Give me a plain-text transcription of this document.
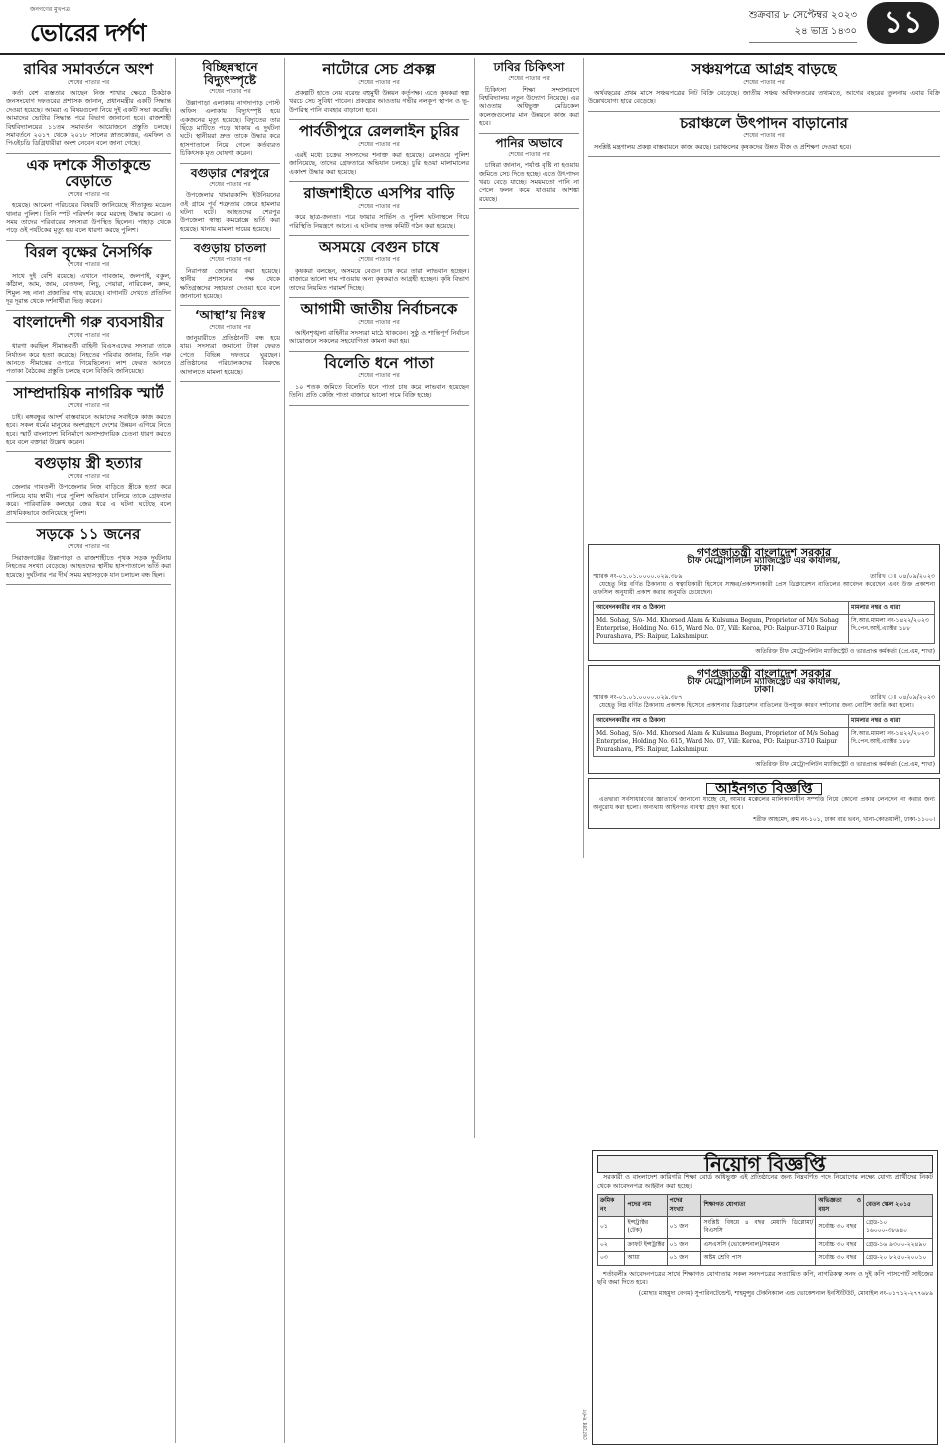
জনগণের মুখপত্র
ভোরের দর্পণ
শুক্রবার ৮ সেপ্টেম্বর ২০২৩
২৪ ভাদ্র ১৪৩০ ১১
রাবির সমাবর্তনে অংশ
শেষের পাতার পর

কর্তা বেশ ব্যস্ততার আছেন নিজ শাখার ক্ষেত্রে ঠিকঠাক জনসংযোগ দফতরের প্রশাসক জানান, প্রধানমন্ত্রীর একটি সিদ্ধান্ত দেওয়া হয়েছে। আমরা এ বিষয়গুলো নিয়ে দুই একটি সভা করেছি। আমাদের ভোটার সিদ্ধান্ত পরে বিভাগ জানানো হবে। রাজশাহী বিশ্ববিদ্যালয়ের ১১তম সমাবর্তন আয়োজনে প্রস্তুতি চলছে। সমাবর্তনে ২০১৭ থেকে ২০১৮ সালের স্নাতকোত্তর, এমফিল ও পিএইচডি ডিগ্রিধারীরা অংশ নেবেন বলে জানা গেছে।

এক দশকে সীতাকুন্ডে বেড়াতে
শেষের পাতার পর

হয়েছে। আমেনা পরিচয়ের বিষয়টি জানিয়েছে সীতাকুন্ড মডেল থানার পুলিশ। তিনি স্পট পরিদর্শন করে মরদেহ উদ্ধার করেন। এ সময় তাদের পরিবারের সদস্যরা উপস্থিত ছিলেন। পাহাড় থেকে পড়ে ওই পর্যটকের মৃত্যু হয় বলে ধারণা করছে পুলিশ।

বিরল বৃক্ষের নৈসর্গিক
শেষের পাতার পর

সাথে দুই বেশি রয়েছে। এখানে গাবজাম, জলপাই, বকুল, কাঁঠাল, আম, জাম, বেতফল, লিচু, পেয়ারা, নারিকেল, কদম, শিমুল সহ নানা প্রজাতির গাছ রয়েছে। বাগানটি দেখতে প্রতিদিন দূর দূরান্ত থেকে দর্শনার্থীরা ভিড় করেন।

বাংলাদেশী গরু ব্যবসায়ীর
শেষের পাতার পর

ধারণা করছিল সীমান্তবর্তী বাহিনী বিএসএফের সদস্যরা তাকে নির্যাতন করে হত্যা করেছে। নিহতের পরিবার জানায়, তিনি গরু আনতে সীমান্তের ওপারে গিয়েছিলেন। লাশ ফেরত আনতে পতাকা বৈঠকের প্রস্তুতি চলছে বলে বিজিবি জানিয়েছে।

সাম্প্রদায়িক নাগরিক স্মার্ট
শেষের পাতার পর

চাই। ৰঙ্গবন্ধুর আদর্শ বাস্তবায়নে আমাদের সবাইকে কাজ করতে হবে। সকল ধর্মের মানুষের অংশগ্রহণে দেশের উন্নয়ন এগিয়ে নিতে হবে। স্মার্ট বাংলাদেশ বিনির্মাণে অসাম্প্রদায়িক চেতনা ধারণ করতে হবে বলে বক্তারা উল্লেখ করেন।

বগুড়ায় স্ত্রী হত্যার
শেষের পাতার পর

জেলার গাবতলী উপজেলার নিজ বাড়িতে স্ত্রীকে হত্যা করে পালিয়ে যায় স্বামী। পরে পুলিশ অভিযান চালিয়ে তাকে গ্রেফতার করে। পারিবারিক কলহের জের ধরে এ ঘটনা ঘটেছে বলে প্রাথমিকভাবে জানিয়েছে পুলিশ।

সড়কে ১১ জনের
শেষের পাতার পর

সিরাজগঞ্জের উল্লাপাড়া ও রাজশাহীতে পৃথক সড়ক দুর্ঘটনায় নিহতের সংখ্যা বেড়েছে। আহতদের স্থানীয় হাসপাতালে ভর্তি করা হয়েছে। দুর্ঘটনার পর দীর্ঘ সময় মহাসড়কে যান চলাচল বন্ধ ছিল।

বিচ্ছিন্নস্থানে বিদ্যুৎস্পৃষ্টে
শেষের পাতার পর

উল্লাপাড়া এলাকায় নাগদাপাড় পোস্ট অফিস এলাকায় বিদ্যুৎস্পৃষ্ট হয়ে একজনের মৃত্যু হয়েছে। বিদ্যুতের তার ছিঁড়ে মাটিতে পড়ে থাকায় এ দুর্ঘটনা ঘটে। স্থানীয়রা দ্রুত তাকে উদ্ধার করে হাসপাতালে নিয়ে গেলে কর্তব্যরত চিকিৎসক মৃত ঘোষণা করেন।

বগুড়ার শেরপুরে
শেষের পাতার পর

উপজেলার খামারকান্দি ইউনিয়নের ওই গ্রামে পূর্ব শত্রুতার জেরে হামলার ঘটনা ঘটে। আহতদের শেরপুর উপজেলা স্বাস্থ্য কমপ্লেক্সে ভর্তি করা হয়েছে। থানায় মামলা দায়ের হয়েছে।

বগুড়ায় চাতলা
শেষের পাতার পর

নিরাপত্তা জোরদার করা হয়েছে। স্থানীয় প্রশাসনের পক্ষ থেকে ক্ষতিগ্রস্তদের সহায়তা দেওয়া হবে বলে জানানো হয়েছে।

‘আস্থা’য় নিঃস্ব
শেষের পাতার পর

জানুয়ারীতে প্রতিষ্ঠানটি বন্ধ হয়ে যায়। সদস্যরা জমানো টাকা ফেরত পেতে বিভিন্ন দফতরে ঘুরছেন। প্রতিষ্ঠানের পরিচালকদের বিরুদ্ধে আদালতে মামলা হয়েছে।

নাটোরে সেচ প্রকল্প
শেষের পাতার পর

প্রকল্পটি হাতে নেয় বরেন্দ্র বহুমুখী উন্নয়ন কর্তৃপক্ষ। এতে কৃষকরা স্বল্প খরচে সেচ সুবিধা পাবেন। প্রকল্পের আওতায় গভীর নলকূপ স্থাপন ও ভূ-উপরিস্থ পানি ব্যবহার বাড়ানো হবে।

পার্বতীপুরে রেললাইন চুরির
শেষের পাতার পর

এরই মধ্যে চক্রের সদস্যদের শনাক্ত করা হয়েছে। রেলওয়ে পুলিশ জানিয়েছে, তাদের গ্রেফতারে অভিযান চলছে। চুরি হওয়া মালামালের একাংশ উদ্ধার করা হয়েছে।

রাজশাহীতে এসপির বাড়ি
শেষের পাতার পর

করে ছাত্র-জনতা। পরে ফায়ার সার্ভিস ও পুলিশ ঘটনাস্থলে গিয়ে পরিস্থিতি নিয়ন্ত্রণে আনে। এ ঘটনায় তদন্ত কমিটি গঠন করা হয়েছে।

অসময়ে বেগুন চাষে
শেষের পাতার পর

কৃষকরা বলছেন, অসময়ে বেগুন চাষ করে তারা লাভবান হচ্ছেন। বাজারে ভালো দাম পাওয়ায় অন্য কৃষকরাও আগ্রহী হচ্ছেন। কৃষি বিভাগ তাদের নিয়মিত পরামর্শ দিচ্ছে।

আগামী জাতীয় নির্বাচনকে
শেষের পাতার পর

আইনশৃঙ্খলা বাহিনীর সদস্যরা মাঠে থাকবেন। সুষ্ঠু ও শান্তিপূর্ণ নির্বাচন আয়োজনে সকলের সহযোগিতা কামনা করা হয়।

বিলেতি ধনে পাতা
শেষের পাতার পর

১০ শতক জমিতে বিলেতি ধনে পাতা চাষ করে লাভবান হয়েছেন তিনি। প্রতি কেজি পাতা বাজারে ভালো দামে বিক্রি হচ্ছে।

ঢাবির চিকিৎসা
শেষের পাতার পর

চিকিৎসা শিক্ষা সম্প্রসারণে বিশ্ববিদ্যালয় নতুন উদ্যোগ নিয়েছে। এর আওতায় অধিভুক্ত মেডিকেল কলেজগুলোর মান উন্নয়নে কাজ করা হবে।

পানির অভাবে
শেষের পাতার পর

চাষিরা জানান, পর্যাপ্ত বৃষ্টি না হওয়ায় জমিতে সেচ দিতে হচ্ছে। এতে উৎপাদন খরচ বেড়ে যাচ্ছে। সময়মতো পানি না পেলে ফলন কমে যাওয়ার আশঙ্কা রয়েছে।

সঞ্চয়পত্রে আগ্রহ বাড়ছে
শেষের পাতার পর

অর্থবছরের প্রথম মাসে সঞ্চয়পত্রের নিট বিক্রি বেড়েছে। জাতীয় সঞ্চয় অধিদফতরের তথ্যমতে, আগের বছরের তুলনায় এবার বিক্রি উল্লেখযোগ্য হারে বেড়েছে।

চরাঞ্চলে উৎপাদন বাড়ানোর
শেষের পাতার পর

সংশ্লিষ্ট মন্ত্রণালয় প্রকল্প বাস্তবায়নে কাজ করছে। চরাঞ্চলের কৃষকদের উন্নত বীজ ও প্রশিক্ষণ দেওয়া হবে।

গণপ্রজাতন্ত্রী বাংলাদেশ সরকার
চীফ মেট্রোপলিটন ম্যাজিস্ট্রেট এর কার্যালয়,
ঢাকা।
স্মারক নং-০১.০১.০০০০.০২৯.৩৮৯	তারিখ ঃ ০৪/০৯/২০২৩

যেহেতু নিম্ন বর্ণিত ঠিকানায় ও স্বত্বাধিকারী হিসেবে সাক্ষর/প্রকাশনাকারী প্রেস ডিক্লারেশন বাতিলের আবেদন করেছেন এবং উক্ত প্রকাশনা তফসিল অনুযায়ী প্রকাশ করার অনুমতি চেয়েছেন।

আবেদনকারীর নাম ও ঠিকানা	মামলার নম্বর ও ধারা
Md. Sohag, S/o- Md. Khorsed Alam & Kulsuma Begum, Proprietor of M/s Sohag Enterprise, Holding No. 615, Ward No. 07, Vill: Keroa, PO: Raipur-3710 Raipur Pourashava, PS: Raipur, Lakshmipur.	সি.আর.মামলা নং-১৪২২/২০২৩ দি.পেন.আই.এ্যাক্টর ১৮৮
অতিরিক্ত চীফ মেট্রোপলিটন ম্যাজিস্ট্রেট ও ভারপ্রাপ্ত কর্মকর্তা (প্রে.এম, শাখা)
গণপ্রজাতন্ত্রী বাংলাদেশ সরকার
চীফ মেট্রোপলিটন ম্যাজিস্ট্রেট এর কার্যালয়,
ঢাকা।
স্মারক নং-০১.০১.০০০০.০২৯.৩৮৭	তারিখ ঃ ০৪/০৯/২০২৩

যেহেতু নিম্ন বর্ণিত ঠিকানায় প্রকাশক হিসেবে প্রকাশনার ডিক্লারেশন বাতিলের উপযুক্ত কারণ দর্শানোর জন্য নোটিশ জারি করা হলো।

আবেদনকারীর নাম ও ঠিকানা	মামলার নম্বর ও ধারা
Md. Sohag, S/o- Md. Khorsed Alam & Kulsuma Begum, Proprietor of M/s Sohag Enterprise, Holding No. 615, Ward No. 07, Vill: Keroa, PO: Raipur-3710 Raipur Pourashava, PS: Raipur, Lakshmipur.	সি.আর.মামলা নং-১৪২২/২০২৩ দি.পেন.আই.এ্যাক্টর ১৮৮
অতিরিক্ত চীফ মেট্রোপলিটন ম্যাজিস্ট্রেট ও ভারপ্রাপ্ত কর্মকর্তা (প্রে.এম, শাখা)
আইনগত বিজ্ঞপ্তি

এতদ্বারা সর্বসাধারণের জ্ঞাতার্থে জানানো যাচ্ছে যে, আমার মক্কেলের মালিকানাধীন সম্পত্তি নিয়ে কোনো প্রকার লেনদেন না করার জন্য অনুরোধ করা হলো। অন্যথায় আইনগত ব্যবস্থা গ্রহণ করা হবে।

শরীফ আহমেদ, রুম নং-১০১, ঢাকা বার ভবন, খানা-কোতয়ালী, ঢাকা-১১০০।
নিয়োগ বিজ্ঞপ্তি

সরকারী ও বাংলাদেশ কারিগরি শিক্ষা বোর্ড অধিভুক্ত এই প্রতিষ্ঠানের জন্য নিম্নবর্ণিত পদে নিয়োগের লক্ষ্যে যোগ্য প্রার্থীদের নিকট থেকে আবেদনপত্র আহ্বান করা হচ্ছে।

ক্রমিক নং	পদের নাম	পদের সংখ্যা	শিক্ষাগত যোগ্যতা	অভিজ্ঞতা ও বয়স	বেতন স্কেল ২০১৫
০১	ইন্সট্রাক্টর (টেক)	০১ জন	সংশ্লিষ্ট বিষয়ে ৪ বছর মেয়াদি ডিপ্লোমা/বিএসসি	সর্বোচ্চ ৩০ বছর	গ্রেড-১০ ১৬০০০-৩৮৬৪০
০২	ক্রাফট ইন্সট্রাক্টর	০১ জন	এসএসসি (ভোকেশনাল)/সমমান	সর্বোচ্চ ৩০ বছর	গ্রেড-১৬ ৯৩০০-২২৪৯০
০৩	আয়া	০১ জন	অষ্টম শ্রেণি পাস	সর্বোচ্চ ৩০ বছর	গ্রেড-২০ ৮২৫০-২০০১০

শর্তাবলীঃ আবেদনপত্রের সাথে শিক্ষাগত যোগ্যতার সকল সনদপত্রের সত্যায়িত কপি, নাগরিকত্ব সনদ ও দুই কপি পাসপোর্ট সাইজের ছবি জমা দিতে হবে।

(মোছাঃ মাহমুদা বেগম) সুপারিনটেন্ডেন্ট, শাহমুন্সুর টেকনিক্যাল এন্ড ভোকেশনাল ইনস্টিটিউট, মোবাইল নং-০১৭১২-২৭৭৬৮৯
ভোরের দর্পণ
